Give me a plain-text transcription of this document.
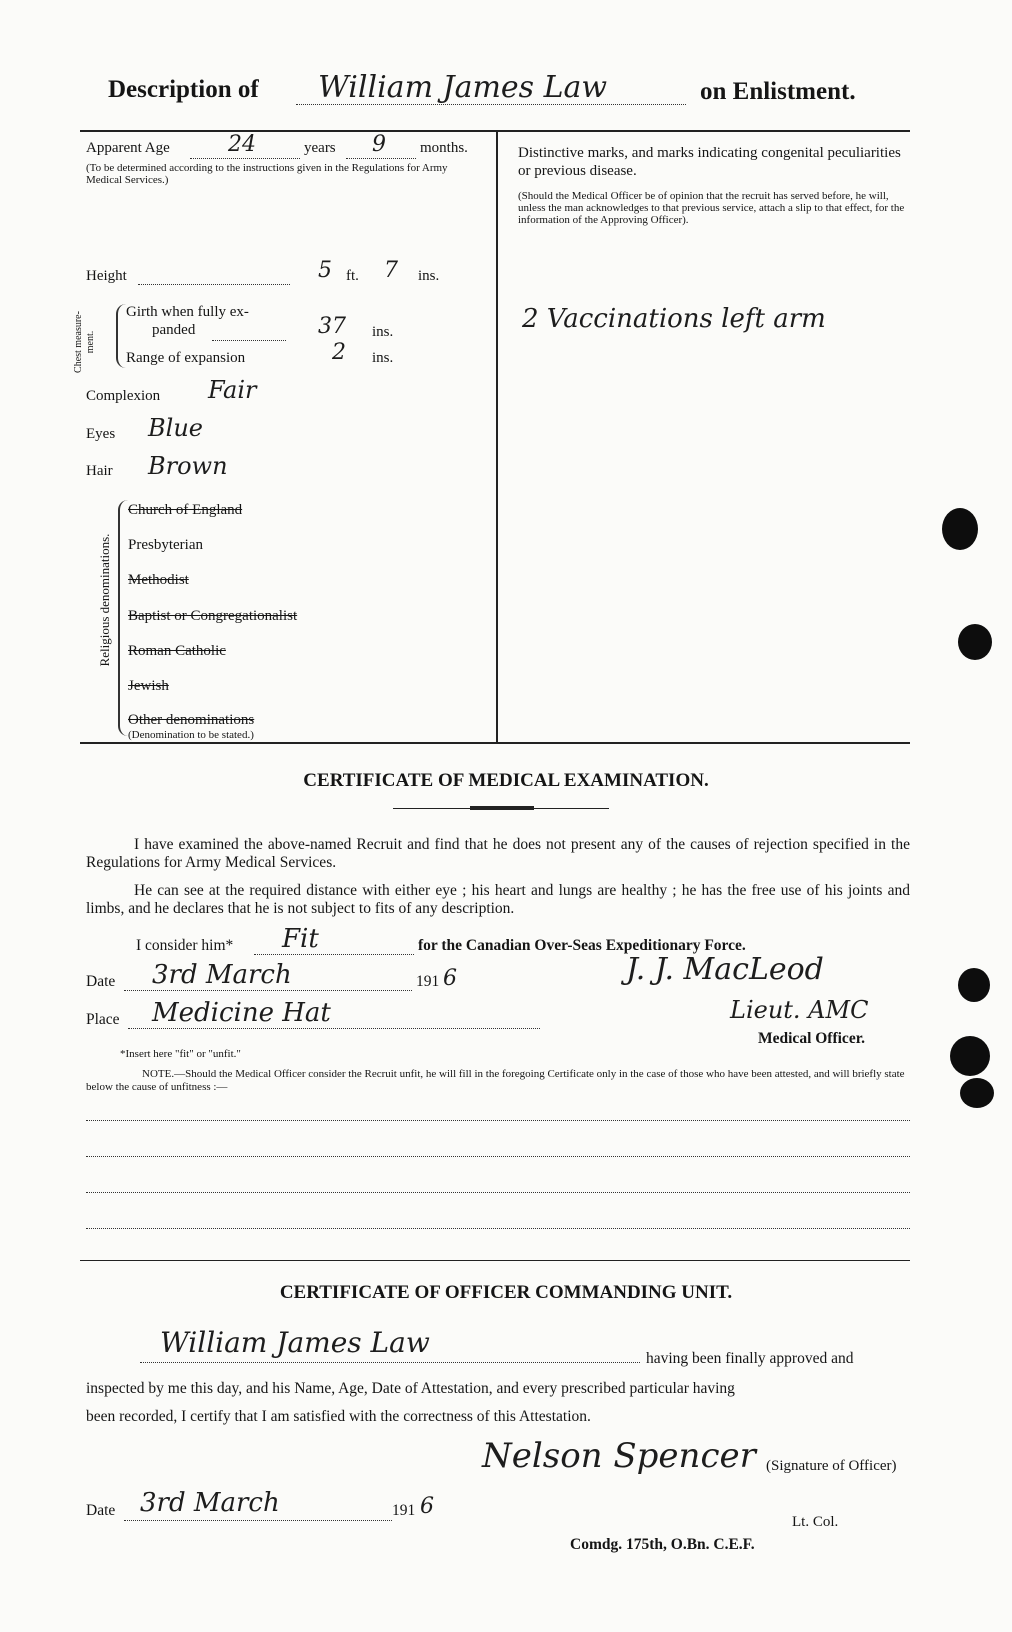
Description of William James Law	on Enlistment.
Apparent Age	24	years 9 months.
(To be determined according to the instructions given in the Regulations for Army Medical Services.)
Height	5 ft. 7 ins.
Chest measure-ment.
Girth when fully ex-
panded	37 ins.
Range of expansion	2 ins.
Complexion Fair
Eyes Blue
Hair Brown
Religious denominations.
Church of England
Presbyterian
Methodist
Baptist or Congregationalist
Roman Catholic
Jewish
Other denominations
(Denomination to be stated.)
Distinctive marks, and marks indicating congenital peculiarities or previous disease.
(Should the Medical Officer be of opinion that the recruit has served before, he will, unless the man acknowledges to that previous service, attach a slip to that effect, for the information of the Approving Officer).
2 Vaccinations left arm
CERTIFICATE OF MEDICAL EXAMINATION.
I have examined the above-named Recruit and find that he does not present any of the causes of rejection specified in the Regulations for Army Medical Services.
He can see at the required distance with either eye ; his heart and lungs are healthy ; he has the free use of his joints and limbs, and he declares that he is not subject to fits of any description.
I consider him* Fit	for the Canadian Over-Seas Expeditionary Force.
Date 3rd March	191 6	J. J. MacLeod
Lieut. AMC
Place Medicine Hat
Medical Officer.
*Insert here "fit" or "unfit."
NOTE.—Should the Medical Officer consider the Recruit unfit, he will fill in the foregoing Certificate only in the case of those who have been attested, and will briefly state below the cause of unfitness :—
CERTIFICATE OF OFFICER COMMANDING UNIT.
William James Law	having been finally approved and
inspected by me this day, and his Name, Age, Date of Attestation, and every prescribed particular having
been recorded, I certify that I am satisfied with the correctness of this Attestation.
Nelson Spencer (Signature of Officer)
Date 3rd March	191 6
Lt. Col.
Comdg. 175th, O.Bn. C.E.F.
